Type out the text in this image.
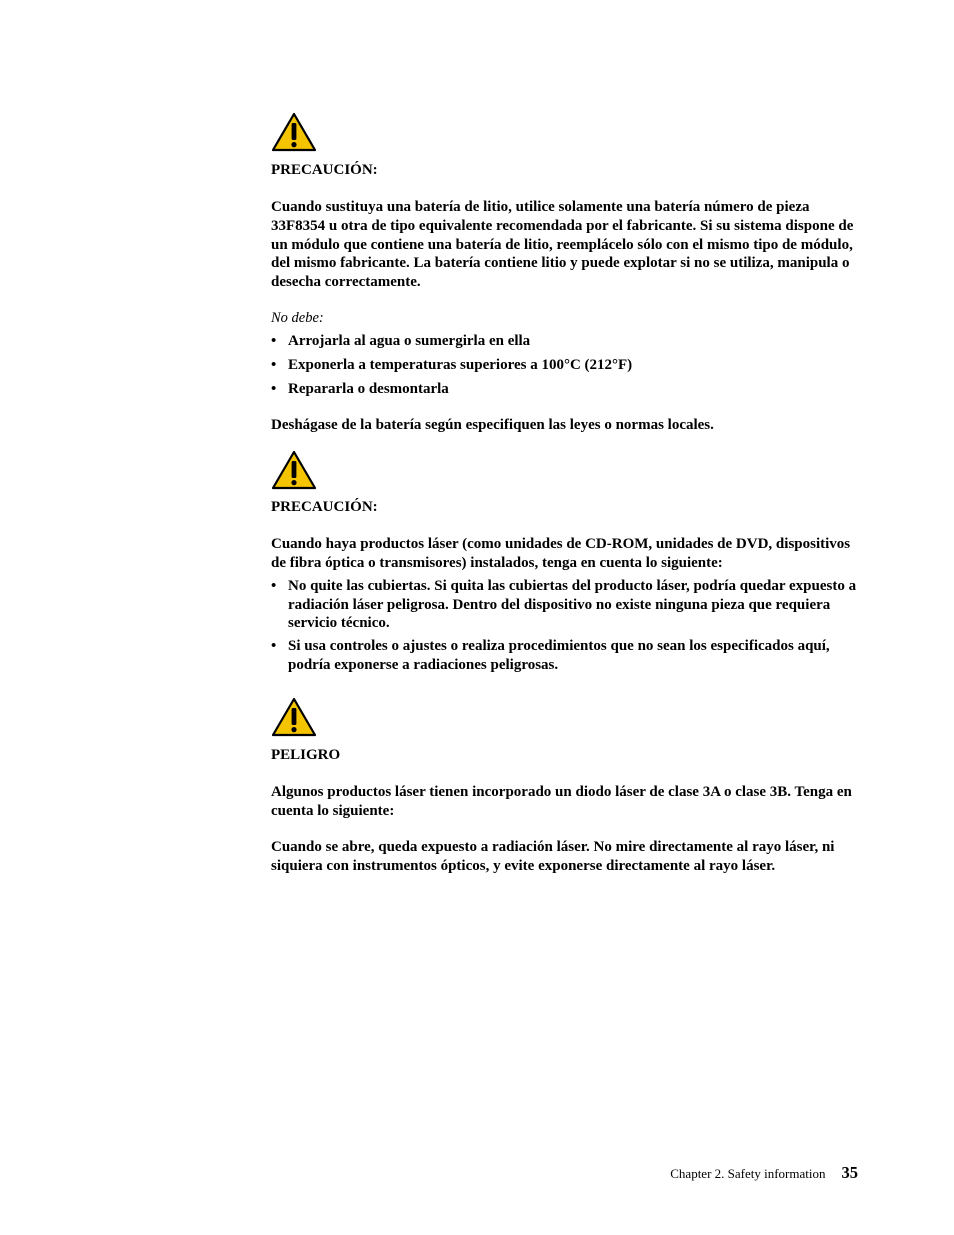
PRECAUCIÓN:

Cuando sustituya una batería de litio, utilice solamente una batería número de pieza 33F8354 u otra de tipo equivalente recomendada por el fabricante. Si su sistema dispone de un módulo que contiene una batería de litio, reemplácelo sólo con el mismo tipo de módulo, del mismo fabricante. La batería contiene litio y puede explotar si no se utiliza, manipula o desecha correctamente.

No debe:

• Arrojarla al agua o sumergirla en ella
• Exponerla a temperaturas superiores a 100°C (212°F)
• Repararla o desmontarla

Deshágase de la batería según especifiquen las leyes o normas locales.

PRECAUCIÓN:

Cuando haya productos láser (como unidades de CD-ROM, unidades de DVD, dispositivos de fibra óptica o transmisores) instalados, tenga en cuenta lo siguiente:

• No quite las cubiertas. Si quita las cubiertas del producto láser, podría quedar expuesto a radiación láser peligrosa. Dentro del dispositivo no existe ninguna pieza que requiera servicio técnico.
• Si usa controles o ajustes o realiza procedimientos que no sean los especificados aquí, podría exponerse a radiaciones peligrosas.

PELIGRO

Algunos productos láser tienen incorporado un diodo láser de clase 3A o clase 3B. Tenga en cuenta lo siguiente:

Cuando se abre, queda expuesto a radiación láser. No mire directamente al rayo láser, ni siquiera con instrumentos ópticos, y evite exponerse directamente al rayo láser.

Chapter 2. Safety information 35
